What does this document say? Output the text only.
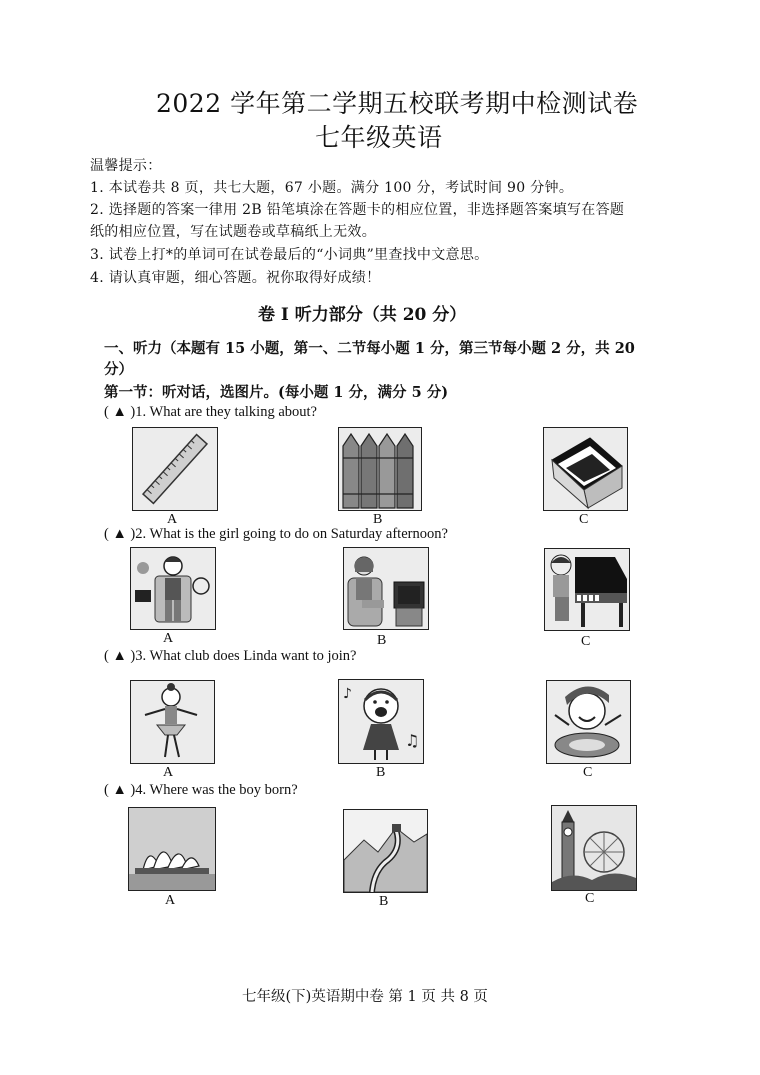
2022 学年第二学期五校联考期中检测试卷
七年级英语
温馨提示：
1. 本试卷共 8 页，共七大题，67 小题。满分 100 分，考试时间 90 分钟。
2. 选择题的答案一律用 2B 铅笔填涂在答题卡的相应位置，非选择题答案填写在答题
纸的相应位置，写在试题卷或草稿纸上无效。
3. 试卷上打*的单词可在试卷最后的“小词典”里查找中文意思。
4. 请认真审题，细心答题。祝你取得好成绩！
卷 I 听力部分（共 20 分）
一、听力（本题有 15 小题，第一、二节每小题 1 分，第三节每小题 2 分，共 20
分）
第一节：听对话，选图片。(每小题 1 分，满分 5 分)
( ▲ )1. What are they talking about?
A	B	C
( ▲ )2. What is the girl going to do on Saturday afternoon?
A	B	C
( ▲ )3. What club does Linda want to join?
A
♪
♫
B	C
( ▲ )4. Where was the boy born?
A	B	C
七年级(下)英语期中卷 第 1 页 共 8 页
